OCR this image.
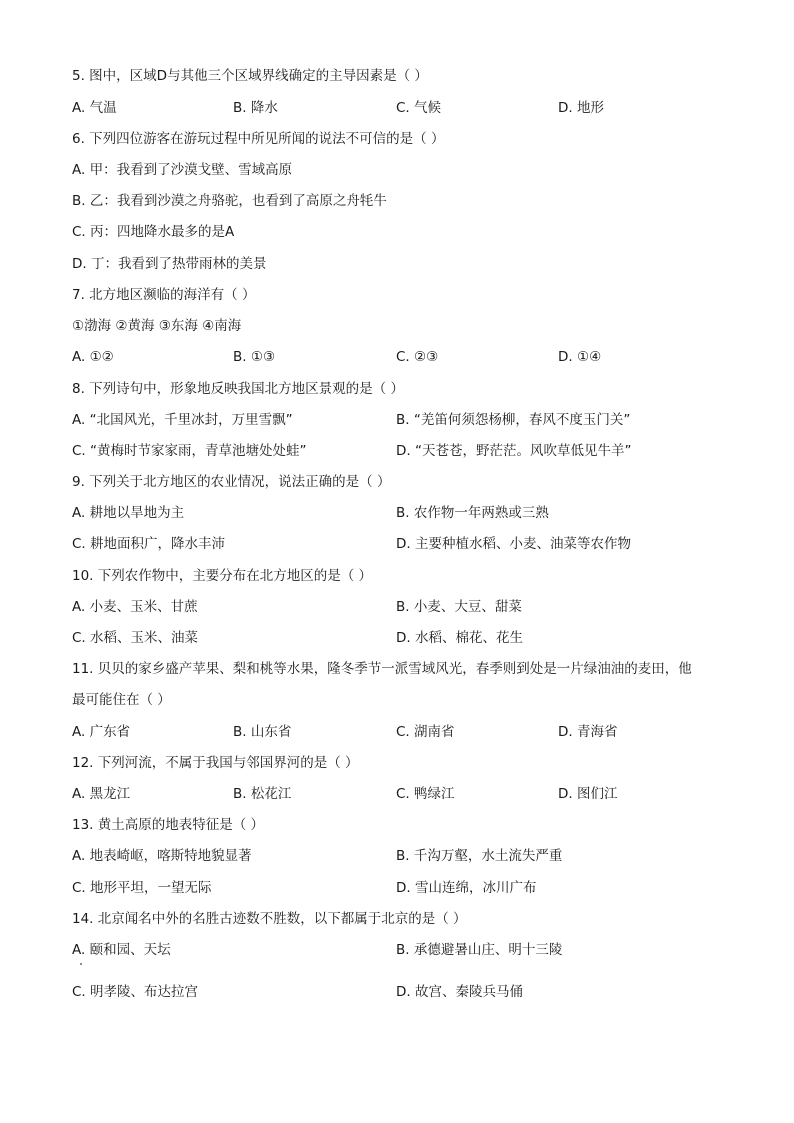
5. 图中，区域D与其他三个区域界线确定的主导因素是（ ）
A. 气温	B. 降水	C. 气候	D. 地形
6. 下列四位游客在游玩过程中所见所闻的说法不可信的是（ ）
A. 甲：我看到了沙漠戈壁、雪域高原
B. 乙：我看到沙漠之舟骆驼，也看到了高原之舟牦牛
C. 丙：四地降水最多的是A
D. 丁：我看到了热带雨林的美景
7. 北方地区濒临的海洋有（ ）
①渤海 ②黄海 ③东海 ④南海
A. ①②	B. ①③	C. ②③	D. ①④
8. 下列诗句中，形象地反映我国北方地区景观的是（ ）
A. “北国风光，千里冰封，万里雪飘”	B. “羌笛何须怨杨柳，春风不度玉门关”
C. “黄梅时节家家雨，青草池塘处处蛙”	D. “天苍苍，野茫茫。风吹草低见牛羊”
9. 下列关于北方地区的农业情况，说法正确的是（ ）
A. 耕地以旱地为主	B. 农作物一年两熟或三熟
C. 耕地面积广，降水丰沛	D. 主要种植水稻、小麦、油菜等农作物
10. 下列农作物中，主要分布在北方地区的是（ ）
A. 小麦、玉米、甘蔗	B. 小麦、大豆、甜菜
C. 水稻、玉米、油菜	D. 水稻、棉花、花生
11. 贝贝的家乡盛产苹果、梨和桃等水果，隆冬季节一派雪域风光，春季则到处是一片绿油油的麦田，他
最可能住在（ ）
A. 广东省	B. 山东省	C. 湖南省	D. 青海省
12. 下列河流，不属于我国与邻国界河的是（ ）
A. 黑龙江	B. 松花江	C. 鸭绿江	D. 图们江
13. 黄土高原的地表特征是（ ）
A. 地表崎岖，喀斯特地貌显著	B. 千沟万壑，水土流失严重
C. 地形平坦，一望无际	D. 雪山连绵，冰川广布
14. 北京闻名中外的名胜古迹数不胜数，以下都属于北京的是（ ）
A. 颐和园、天坛	B. 承德避暑山庄、明十三陵
C. 明孝陵、布达拉宫	D. 故宫、秦陵兵马俑
